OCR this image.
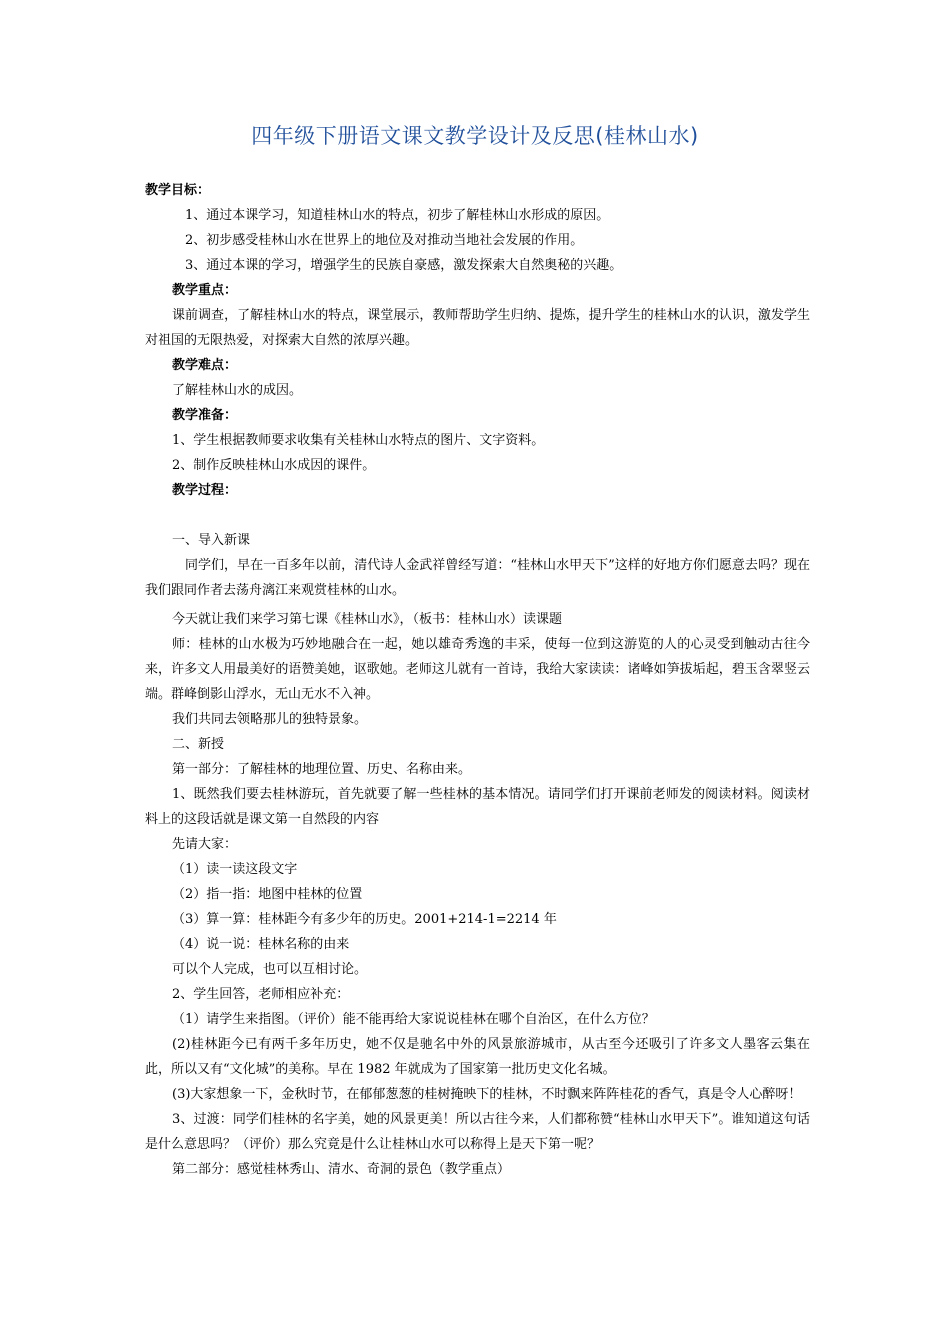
四年级下册语文课文教学设计及反思(桂林山水)

教学目标：

1、通过本课学习，知道桂林山水的特点，初步了解桂林山水形成的原因。

2、初步感受桂林山水在世界上的地位及对推动当地社会发展的作用。

3、通过本课的学习，增强学生的民族自豪感，激发探索大自然奥秘的兴趣。

教学重点：

课前调查，了解桂林山水的特点，课堂展示，教师帮助学生归纳、提炼，提升学生的桂林山水的认识，激发学生对祖国的无限热爱，对探索大自然的浓厚兴趣。

教学难点：

了解桂林山水的成因。

教学准备：

1、学生根据教师要求收集有关桂林山水特点的图片、文字资料。

2、制作反映桂林山水成因的课件。

教学过程：

一、导入新课

同学们，早在一百多年以前，清代诗人金武祥曾经写道：“桂林山水甲天下”这样的好地方你们愿意去吗？现在我们跟同作者去荡舟漓江来观赏桂林的山水。

今天就让我们来学习第七课《桂林山水》，（板书：桂林山水）读课题

师：桂林的山水极为巧妙地融合在一起，她以雄奇秀逸的丰采，使每一位到这游览的人的心灵受到触动古往今来，许多文人用最美好的语赞美她，讴歌她。老师这儿就有一首诗，我给大家读读：诸峰如笋拔垢起，碧玉含翠竖云端。群峰倒影山浮水，无山无水不入神。

我们共同去领略那儿的独特景象。

二、新授

第一部分：了解桂林的地理位置、历史、名称由来。

1、既然我们要去桂林游玩，首先就要了解一些桂林的基本情况。请同学们打开课前老师发的阅读材料。阅读材料上的这段话就是课文第一自然段的内容

先请大家：

（1）读一读这段文字

（2）指一指：地图中桂林的位置

（3）算一算：桂林距今有多少年的历史。2001+214-1=2214 年

（4）说一说：桂林名称的由来

可以个人完成，也可以互相讨论。

2、学生回答，老师相应补充：

（1）请学生来指图。（评价）能不能再给大家说说桂林在哪个自治区，在什么方位？

(2)桂林距今已有两千多年历史，她不仅是驰名中外的风景旅游城市，从古至今还吸引了许多文人墨客云集在此，所以又有“文化城”的美称。早在 1982 年就成为了国家第一批历史文化名城。

(3)大家想象一下，金秋时节，在郁郁葱葱的桂树掩映下的桂林，不时飘来阵阵桂花的香气，真是令人心醉呀！

3、过渡：同学们桂林的名字美，她的风景更美！所以古往今来，人们都称赞“桂林山水甲天下”。谁知道这句话是什么意思吗？（评价）那么究竟是什么让桂林山水可以称得上是天下第一呢？

第二部分：感觉桂林秀山、清水、奇洞的景色（教学重点）
